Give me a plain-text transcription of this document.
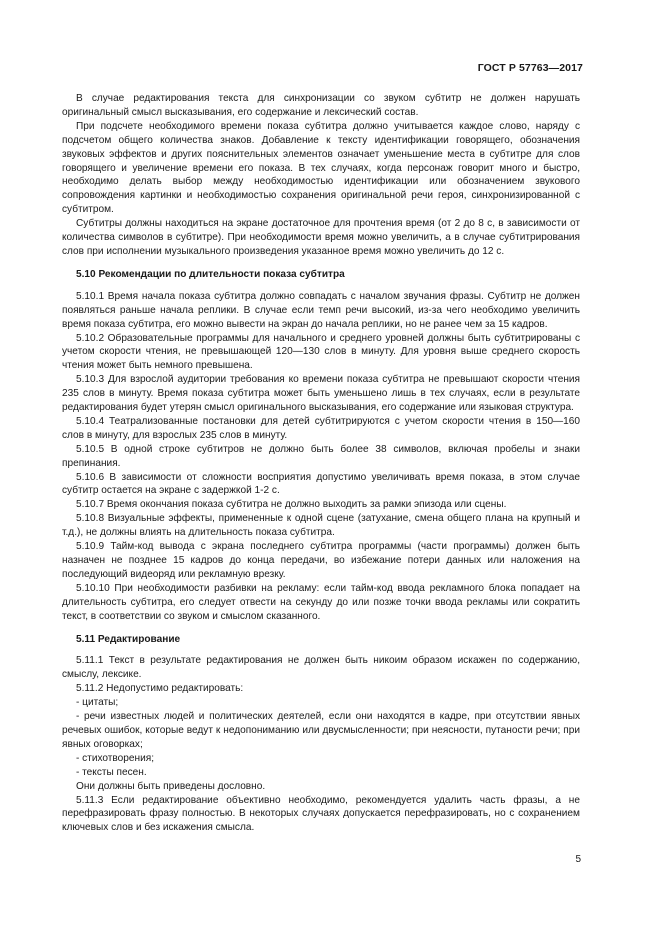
ГОСТ Р 57763—2017

В случае редактирования текста для синхронизации со звуком субтитр не должен нарушать оригинальный смысл высказывания, его содержание и лексический состав.

При подсчете необходимого времени показа субтитра должно учитывается каждое слово, наряду с подсчетом общего количества знаков. Добавление к тексту идентификации говорящего, обозначения звуковых эффектов и других пояснительных элементов означает уменьшение места в субтитре для слов говорящего и увеличение времени его показа. В тех случаях, когда персонаж говорит много и быстро, необходимо делать выбор между необходимостью идентификации или обозначением звукового сопровождения картинки и необходимостью сохранения оригинальной речи героя, синхронизированной с субтитром.

Субтитры должны находиться на экране достаточное для прочтения время (от 2 до 8 с, в зависимости от количества символов в субтитре). При необходимости время можно увеличить, а в случае субтитрирования слов при исполнении музыкального произведения указанное время можно увеличить до 12 с.

5.10 Рекомендации по длительности показа субтитра

5.10.1 Время начала показа субтитра должно совпадать с началом звучания фразы. Субтитр не должен появляться раньше начала реплики. В случае если темп речи высокий, из-за чего необходимо увеличить время показа субтитра, его можно вывести на экран до начала реплики, но не ранее чем за 15 кадров.

5.10.2 Образовательные программы для начального и среднего уровней должны быть субтитрированы с учетом скорости чтения, не превышающей 120—130 слов в минуту. Для уровня выше среднего скорость чтения может быть немного превышена.

5.10.3 Для взрослой аудитории требования ко времени показа субтитра не превышают скорости чтения 235 слов в минуту. Время показа субтитра может быть уменьшено лишь в тех случаях, если в результате редактирования будет утерян смысл оригинального высказывания, его содержание или языковая структура.

5.10.4 Театрализованные постановки для детей субтитрируются с учетом скорости чтения в 150—160 слов в минуту, для взрослых 235 слов в минуту.

5.10.5 В одной строке субтитров не должно быть более 38 символов, включая пробелы и знаки препинания.

5.10.6 В зависимости от сложности восприятия допустимо увеличивать время показа, в этом случае субтитр остается на экране с задержкой 1-2 с.

5.10.7 Время окончания показа субтитра не должно выходить за рамки эпизода или сцены.

5.10.8 Визуальные эффекты, примененные к одной сцене (затухание, смена общего плана на крупный и т.д.), не должны влиять на длительность показа субтитра.

5.10.9 Тайм-код вывода с экрана последнего субтитра программы (части программы) должен быть назначен не позднее 15 кадров до конца передачи, во избежание потери данных или наложения на последующий видеоряд или рекламную врезку.

5.10.10 При необходимости разбивки на рекламу: если тайм-код ввода рекламного блока попадает на длительность субтитра, его следует отвести на секунду до или позже точки ввода рекламы или сократить текст, в соответствии со звуком и смыслом сказанного.

5.11 Редактирование

5.11.1 Текст в результате редактирования не должен быть никоим образом искажен по содержанию, смыслу, лексике.

5.11.2 Недопустимо редактировать:

- цитаты;

- речи известных людей и политических деятелей, если они находятся в кадре, при отсутствии явных речевых ошибок, которые ведут к недопониманию или двусмысленности; при неясности, путаности речи; при явных оговорках;

- стихотворения;

- тексты песен.

Они должны быть приведены дословно.

5.11.3 Если редактирование объективно необходимо, рекомендуется удалить часть фразы, а не перефразировать фразу полностью. В некоторых случаях допускается перефразировать, но с сохранением ключевых слов и без искажения смысла.

5
